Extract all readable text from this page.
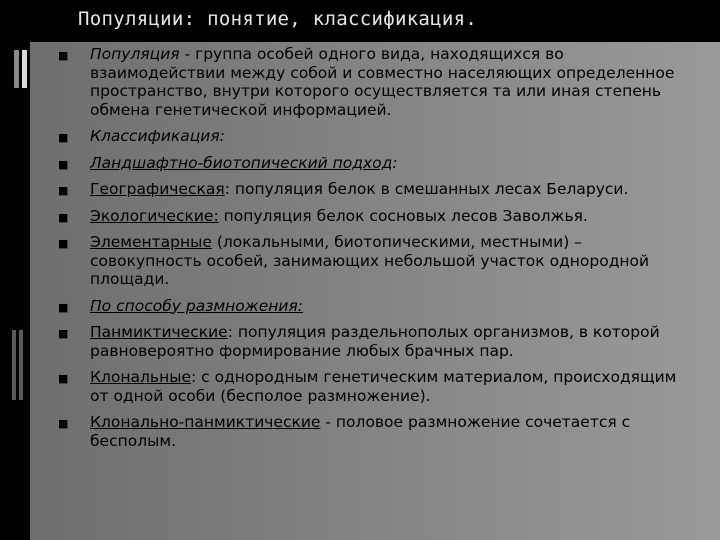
Популяции: понятие, классификация.
■ Популяция - группа особей одного вида, находящихся во взаимодействии между собой и совместно населяющих определенное пространство, внутри которого осуществляется та или иная степень обмена генетической информацией.
■ Классификация:
■ Ландшафтно-биотопический подход:
■ Географическая: популяция белок в смешанных лесах Беларуси.
■ Экологические: популяция белок сосновых лесов Заволжья.
■ Элементарные (локальными, биотопическими, местными) – совокупность особей, занимающих небольшой участок однородной площади.
■ По способу размножения:
■ Панмиктические: популяция раздельнополых организмов, в которой равновероятно формирование любых брачных пар.
■ Клональные: с однородным генетическим материалом, происходящим от одной особи (бесполое размножение).
■ Клонально-панмиктические - половое размножение сочетается с бесполым.
